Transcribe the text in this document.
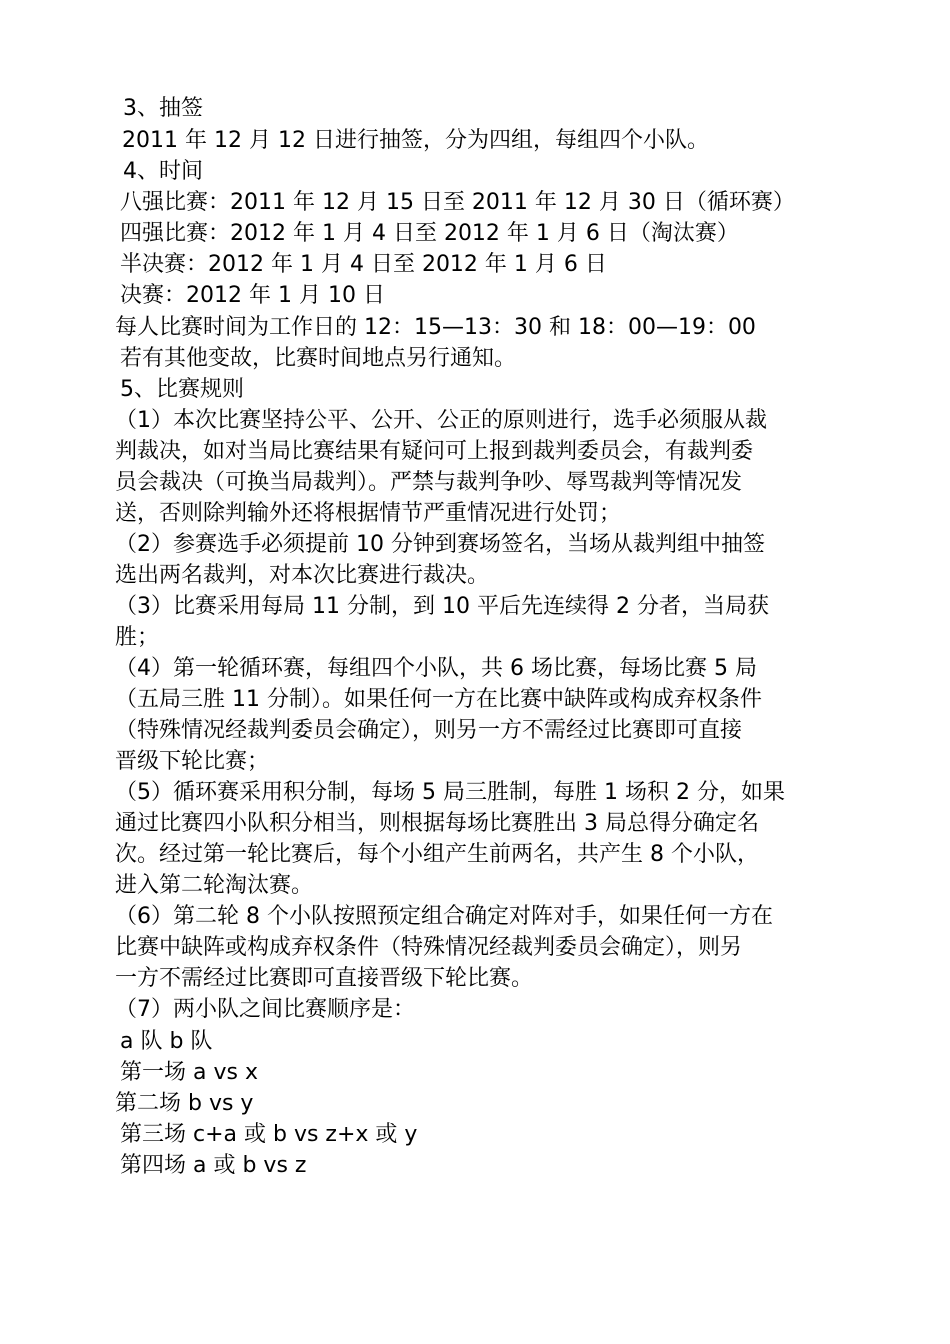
3、抽签
2011 年 12 月 12 日进行抽签，分为四组，每组四个小队。
4、时间
八强比赛：2011 年 12 月 15 日至 2011 年 12 月 30 日（循环赛）
四强比赛：2012 年 1 月 4 日至 2012 年 1 月 6 日（淘汰赛）
半决赛：2012 年 1 月 4 日至 2012 年 1 月 6 日
决赛：2012 年 1 月 10 日
每人比赛时间为工作日的 12：15—13：30 和 18：00—19：00
若有其他变故，比赛时间地点另行通知。
5、比赛规则
（1）本次比赛坚持公平、公开、公正的原则进行，选手必须服从裁
判裁决，如对当局比赛结果有疑问可上报到裁判委员会，有裁判委
员会裁决（可换当局裁判）。严禁与裁判争吵、辱骂裁判等情况发
送，否则除判输外还将根据情节严重情况进行处罚；
（2）参赛选手必须提前 10 分钟到赛场签名，当场从裁判组中抽签
选出两名裁判，对本次比赛进行裁决。
（3）比赛采用每局 11 分制，到 10 平后先连续得 2 分者，当局获
胜；
（4）第一轮循环赛，每组四个小队，共 6 场比赛，每场比赛 5 局
（五局三胜 11 分制）。如果任何一方在比赛中缺阵或构成弃权条件
（特殊情况经裁判委员会确定），则另一方不需经过比赛即可直接
晋级下轮比赛；
（5）循环赛采用积分制，每场 5 局三胜制，每胜 1 场积 2 分，如果
通过比赛四小队积分相当，则根据每场比赛胜出 3 局总得分确定名
次。经过第一轮比赛后，每个小组产生前两名，共产生 8 个小队，
进入第二轮淘汰赛。
（6）第二轮 8 个小队按照预定组合确定对阵对手，如果任何一方在
比赛中缺阵或构成弃权条件（特殊情况经裁判委员会确定），则另
一方不需经过比赛即可直接晋级下轮比赛。
（7）两小队之间比赛顺序是：
a 队 b 队
第一场 a vs x
第二场 b vs y
第三场 c+a 或 b vs z+x 或 y
第四场 a 或 b vs z
